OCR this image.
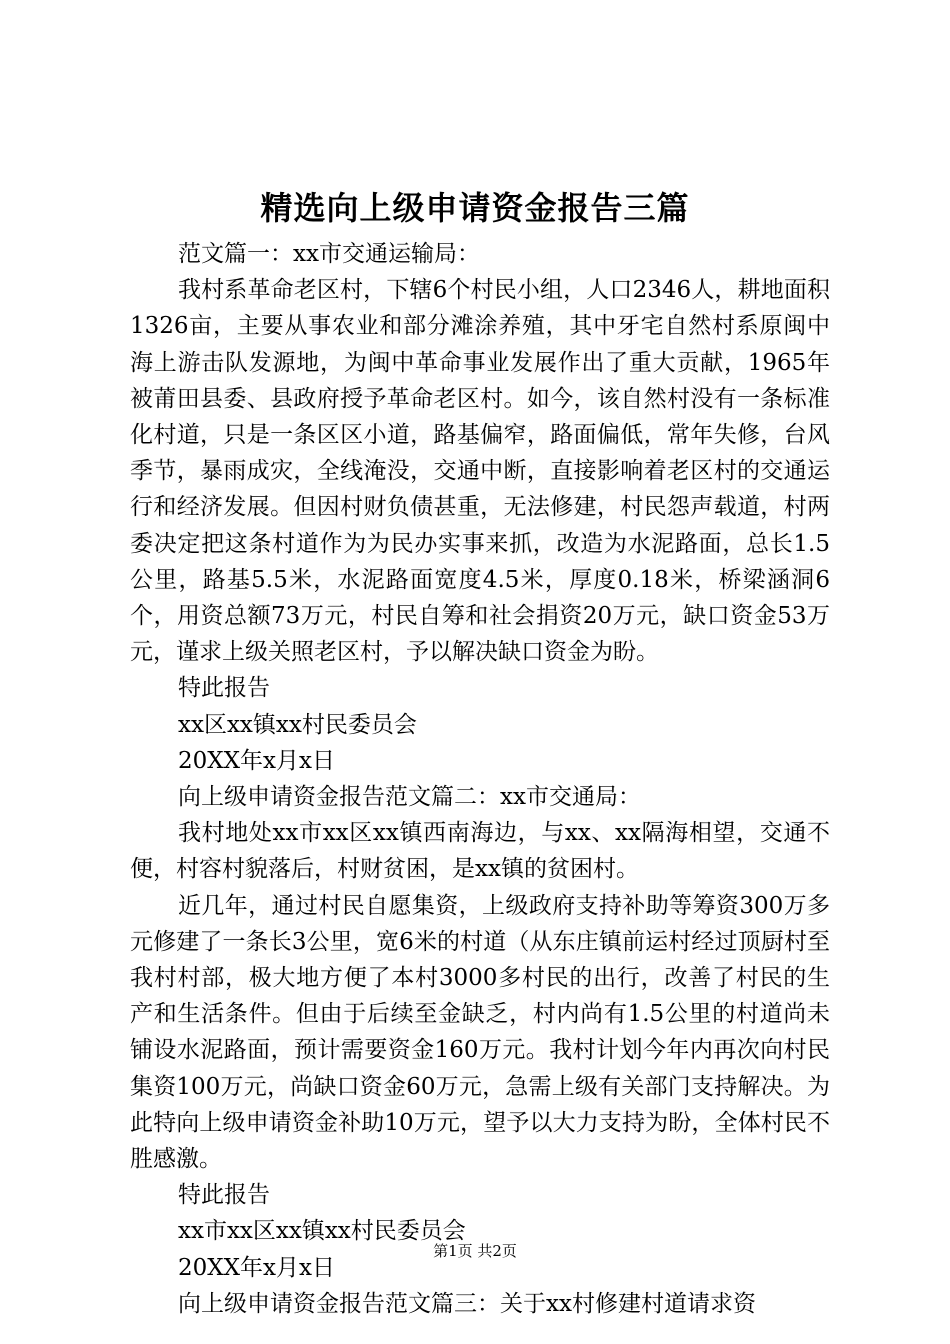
精选向上级申请资金报告三篇

范文篇一：xx市交通运输局：

我村系革命老区村，下辖6个村民小组，人口2346人，耕地面积1326亩，主要从事农业和部分滩涂养殖，其中牙宅自然村系原闽中海上游击队发源地，为闽中革命事业发展作出了重大贡献，1965年被莆田县委、县政府授予革命老区村。如今，该自然村没有一条标准化村道，只是一条区区小道，路基偏窄，路面偏低，常年失修，台风季节，暴雨成灾，全线淹没，交通中断，直接影响着老区村的交通运行和经济发展。但因村财负债甚重，无法修建，村民怨声载道，村两委决定把这条村道作为为民办实事来抓，改造为水泥路面，总长1.5公里，路基5.5米，水泥路面宽度4.5米，厚度0.18米，桥梁涵洞6个，用资总额73万元，村民自筹和社会捐资20万元，缺口资金53万元，谨求上级关照老区村，予以解决缺口资金为盼。

特此报告

xx区xx镇xx村民委员会

20XX年x月x日

向上级申请资金报告范文篇二：xx市交通局：

我村地处xx市xx区xx镇西南海边，与xx、xx隔海相望，交通不便，村容村貌落后，村财贫困，是xx镇的贫困村。

近几年，通过村民自愿集资，上级政府支持补助等筹资300万多元修建了一条长3公里，宽6米的村道（从东庄镇前运村经过顶厨村至我村村部，极大地方便了本村3000多村民的出行，改善了村民的生产和生活条件。但由于后续至金缺乏，村内尚有1.5公里的村道尚未铺设水泥路面，预计需要资金160万元。我村计划今年内再次向村民集资100万元，尚缺口资金60万元，急需上级有关部门支持解决。为此特向上级申请资金补助10万元，望予以大力支持为盼，全体村民不胜感激。

特此报告

xx市xx区xx镇xx村民委员会

20XX年x月x日

向上级申请资金报告范文篇三：关于xx村修建村道请求资

第1页 共2页
